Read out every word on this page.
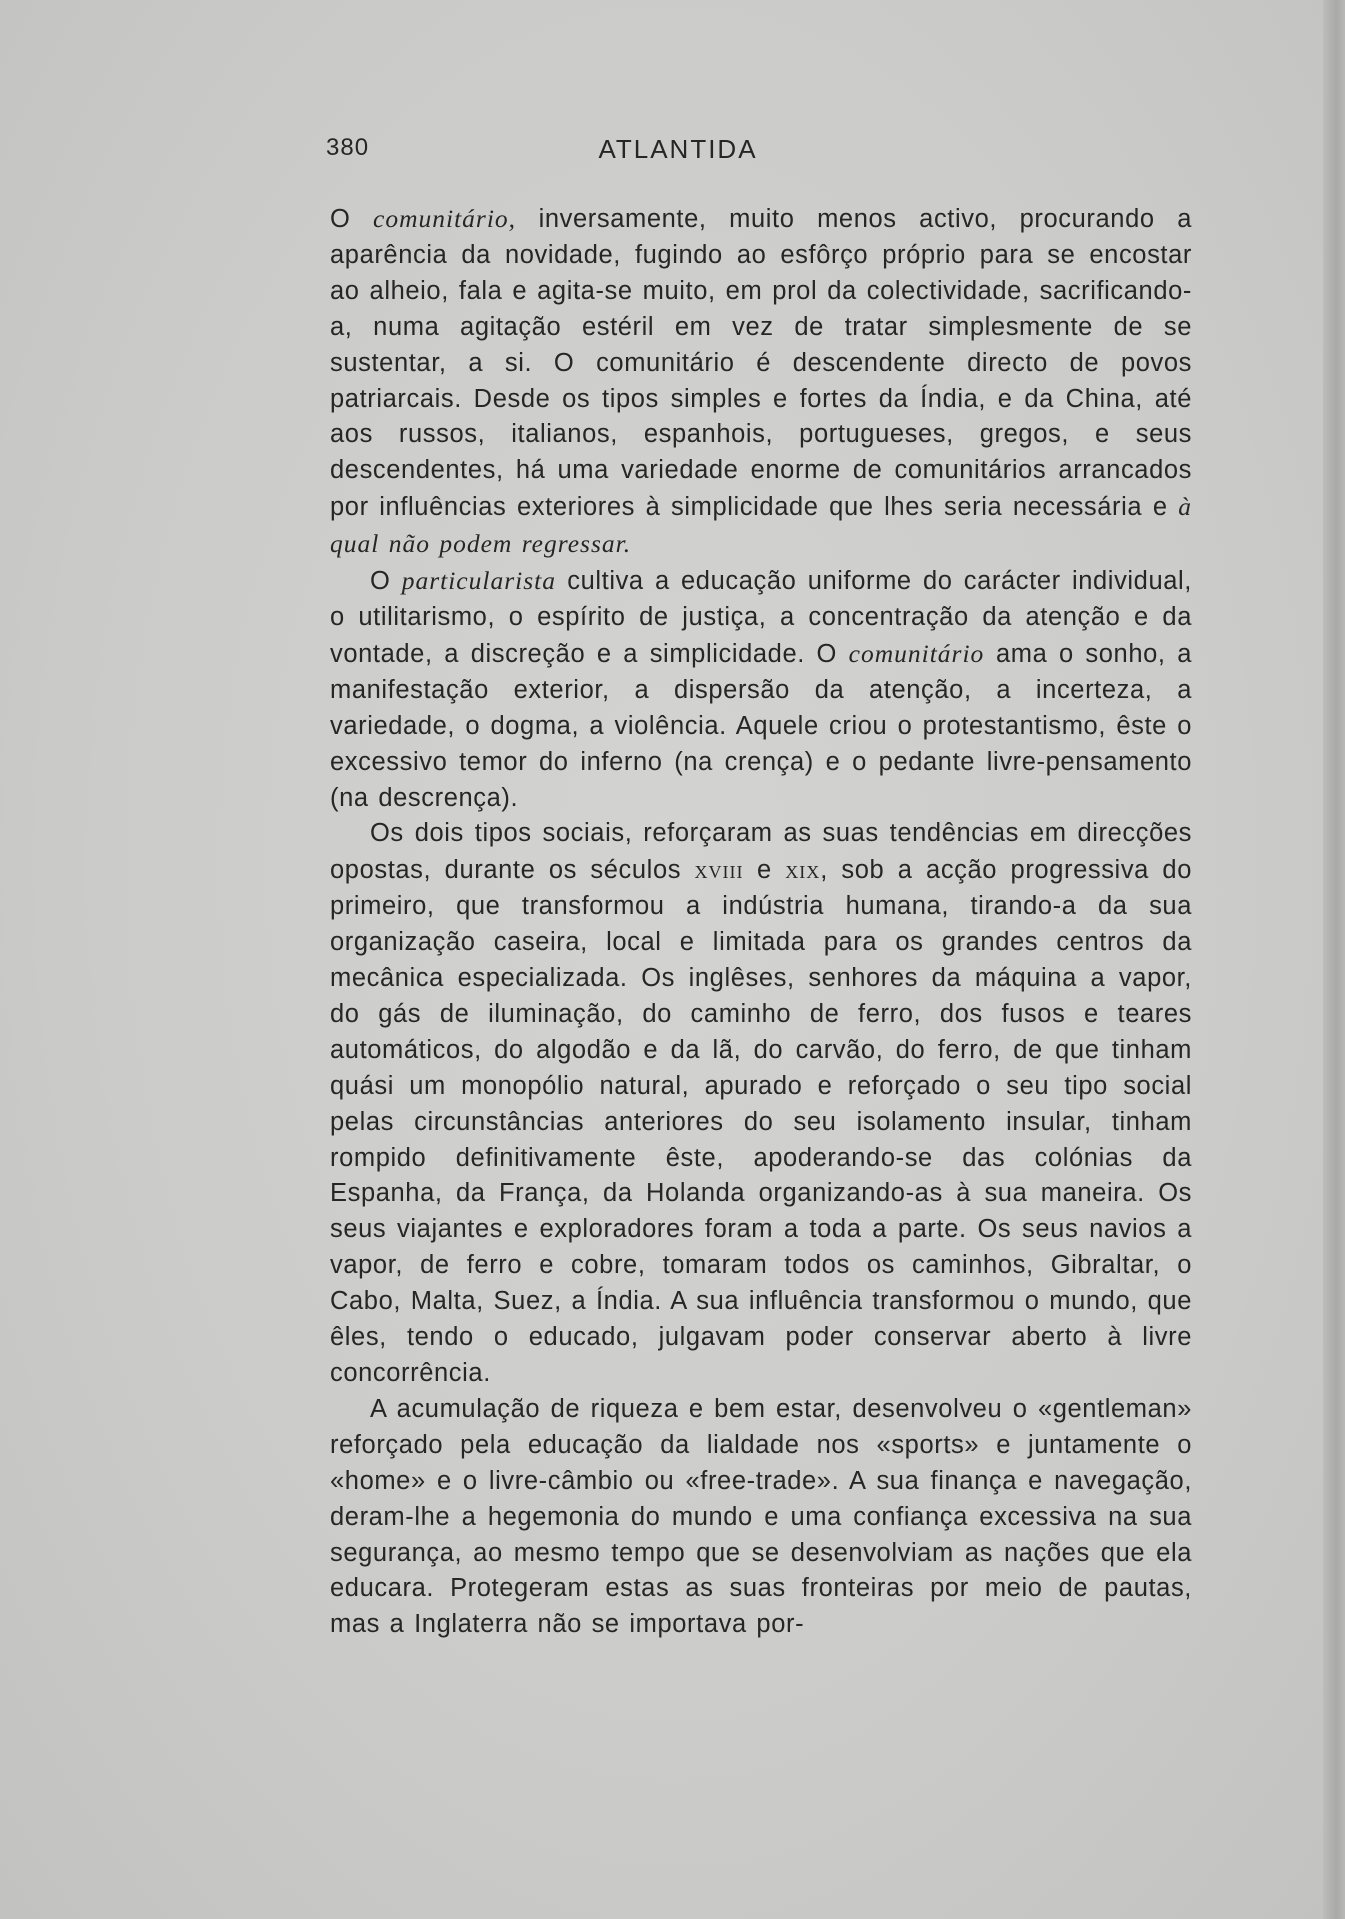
380	ATLANTIDA

O comunitário, inversamente, muito menos activo, procurando a aparência da novidade, fugindo ao esfôrço próprio para se encostar ao alheio, fala e agita-se muito, em prol da colectividade, sacrificando-a, numa agitação estéril em vez de tratar simplesmente de se sustentar, a si. O comunitário é descendente directo de povos patriarcais. Desde os tipos simples e fortes da Índia, e da China, até aos russos, italianos, espanhois, portugueses, gregos, e seus descendentes, há uma variedade enorme de comunitários arrancados por influências exteriores à simplicidade que lhes seria necessária e à qual não podem regressar.

O particularista cultiva a educação uniforme do carácter individual, o utilitarismo, o espírito de justiça, a concentração da atenção e da vontade, a discreção e a simplicidade. O comunitário ama o sonho, a manifestação exterior, a dispersão da atenção, a incerteza, a variedade, o dogma, a violência. Aquele criou o protestantismo, êste o excessivo temor do inferno (na crença) e o pedante livre-pensamento (na descrença).

Os dois tipos sociais, reforçaram as suas tendências em direcções opostas, durante os séculos xviii e xix, sob a acção progressiva do primeiro, que transformou a indústria humana, tirando-a da sua organização caseira, local e limitada para os grandes centros da mecânica especializada. Os inglêses, senhores da máquina a vapor, do gás de iluminação, do caminho de ferro, dos fusos e teares automáticos, do algodão e da lã, do carvão, do ferro, de que tinham quási um monopólio natural, apurado e reforçado o seu tipo social pelas circunstâncias anteriores do seu isolamento insular, tinham rompido definitivamente êste, apoderando-se das colónias da Espanha, da França, da Holanda organizando-as à sua maneira. Os seus viajantes e exploradores foram a toda a parte. Os seus navios a vapor, de ferro e cobre, tomaram todos os caminhos, Gibraltar, o Cabo, Malta, Suez, a Índia. A sua influência transformou o mundo, que êles, tendo o educado, julgavam poder conservar aberto à livre concorrência.

A acumulação de riqueza e bem estar, desenvolveu o «gentleman» reforçado pela educação da lialdade nos «sports» e juntamente o «home» e o livre-câmbio ou «free-trade». A sua finança e navegação, deram-lhe a hegemonia do mundo e uma confiança excessiva na sua segurança, ao mesmo tempo que se desenvolviam as nações que ela educara. Protegeram estas as suas fronteiras por meio de pautas, mas a Inglaterra não se importava por-
